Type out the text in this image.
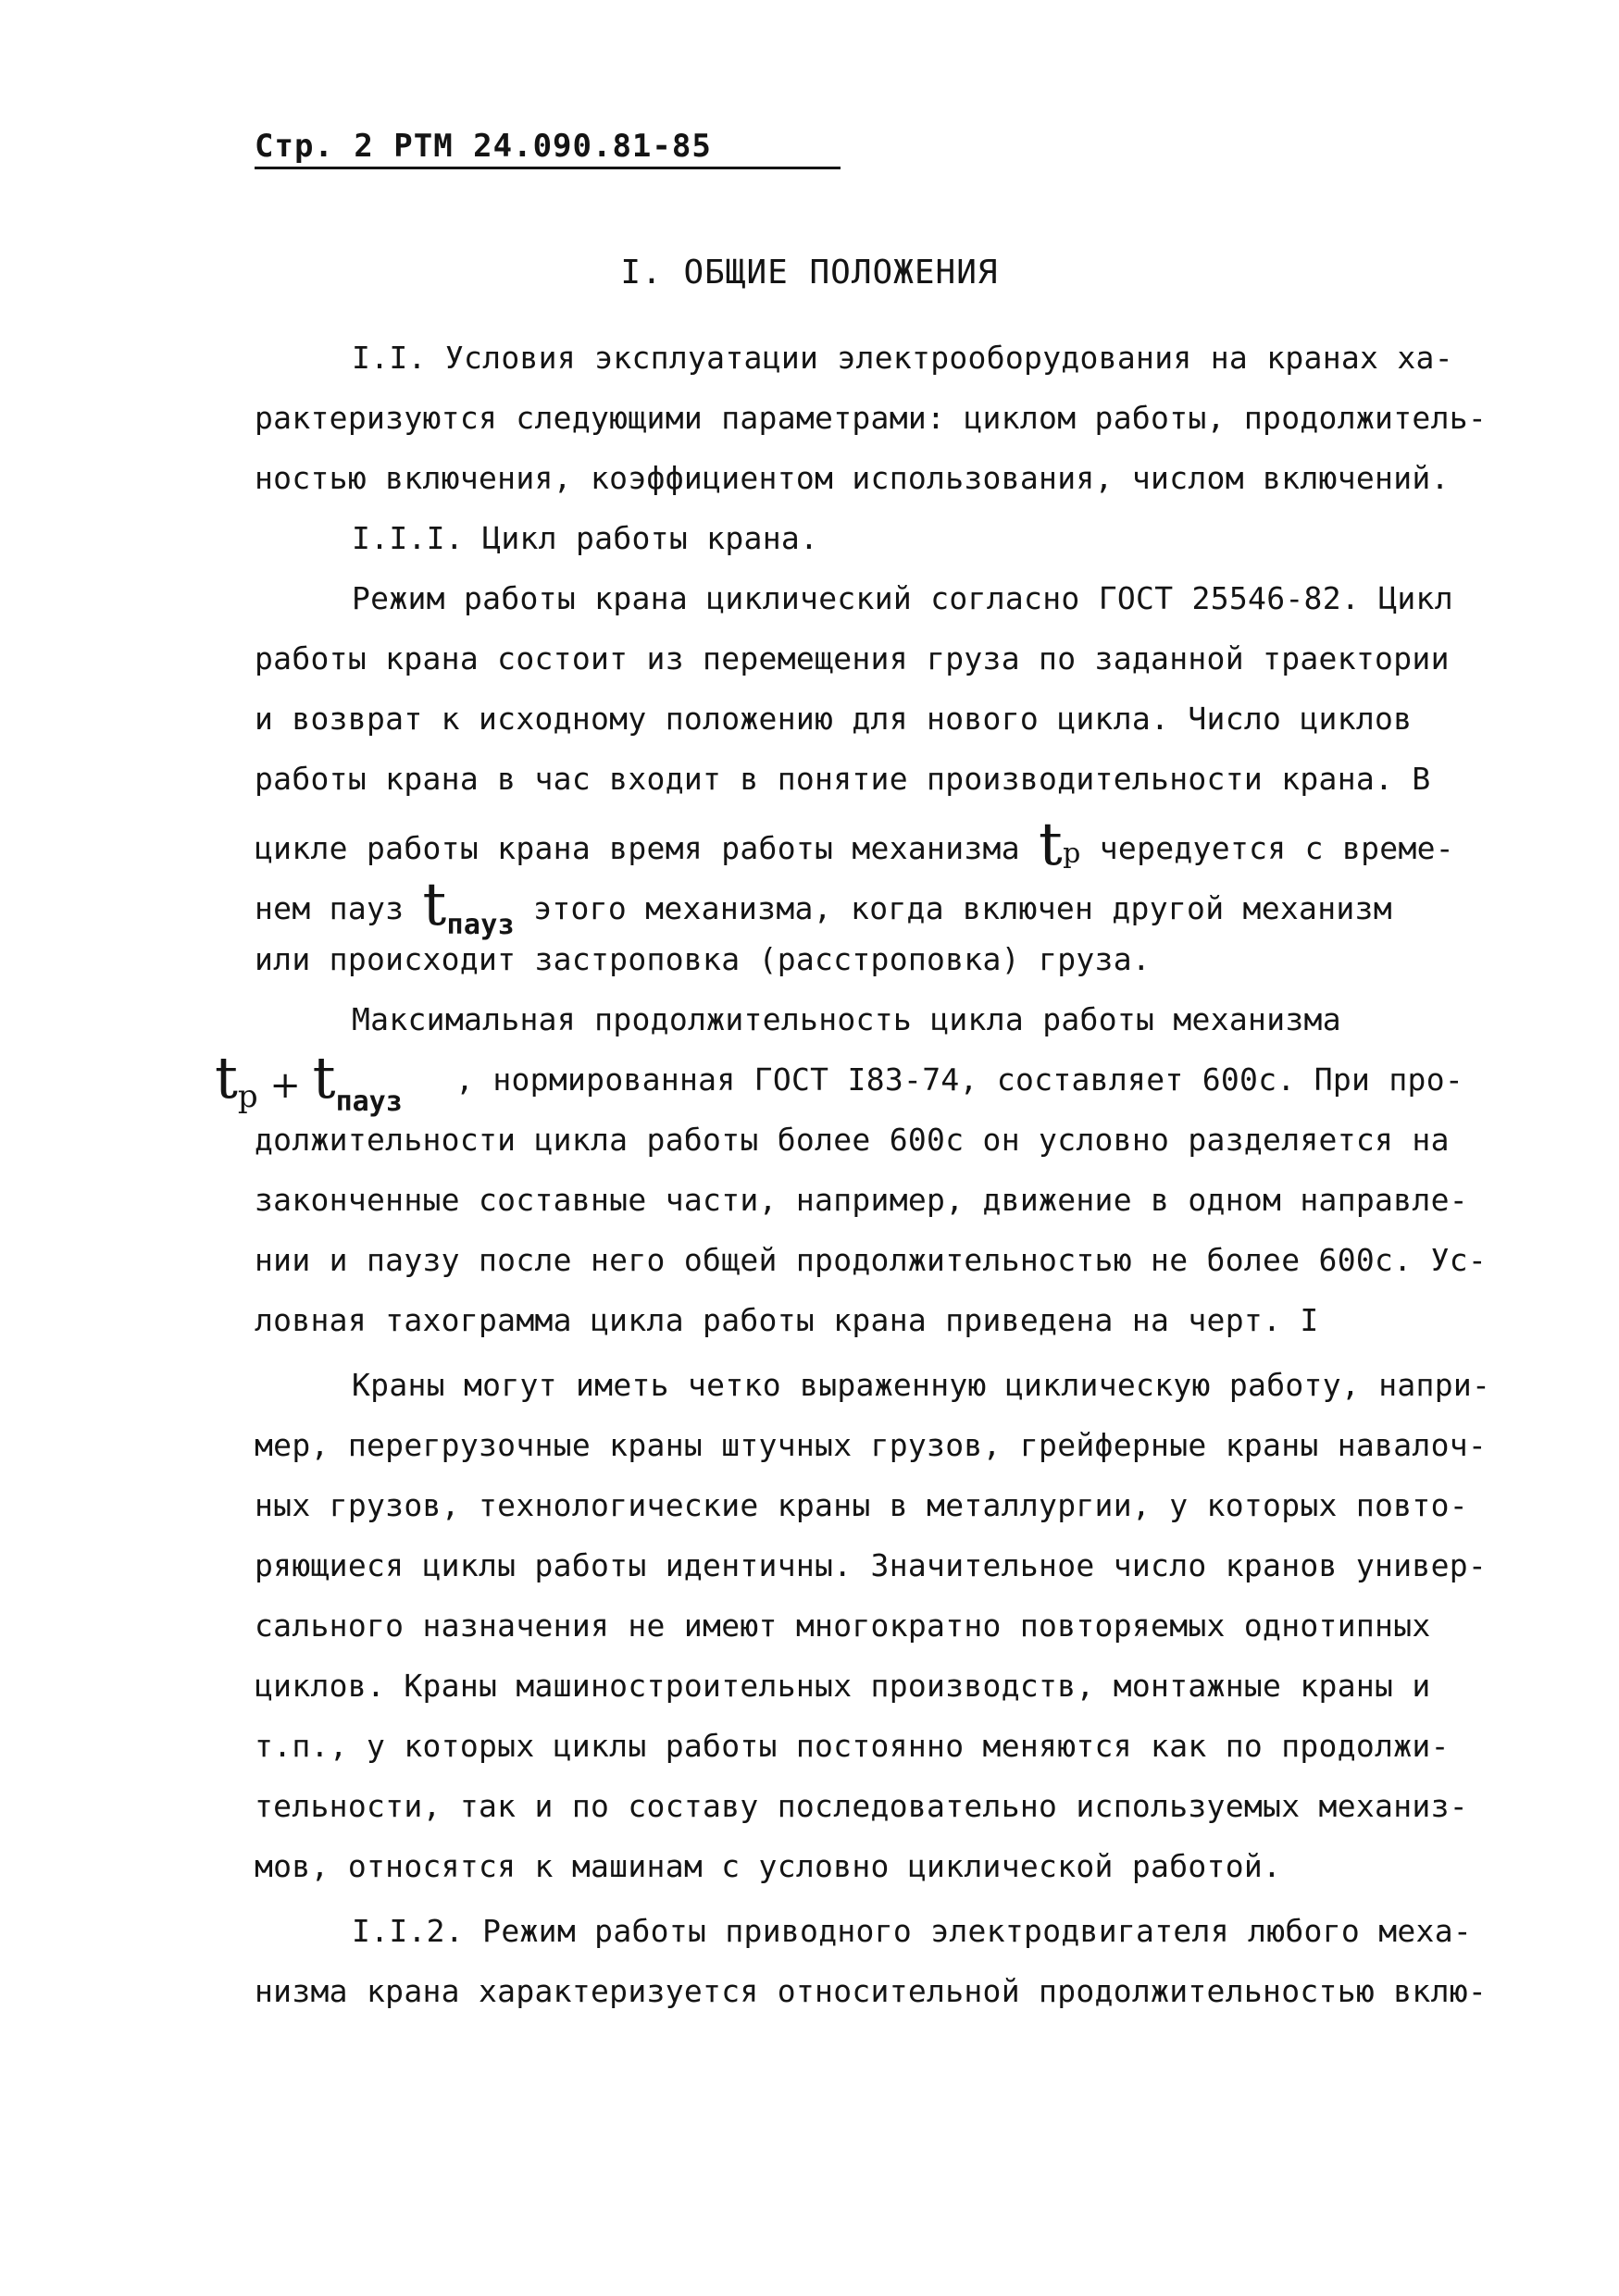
Стр. 2 РТМ 24.090.81-85
I. ОБЩИЕ ПОЛОЖЕНИЯ
I.I. Условия эксплуатации электрооборудования на кранах ха-
рактеризуются следующими параметрами: циклом работы, продолжитель-
ностью включения, коэффициентом использования, числом включений.
I.I.I. Цикл работы крана.
Режим работы крана циклический согласно ГОСТ 25546-82. Цикл
работы крана состоит из перемещения груза по заданной траектории
и возврат к исходному положению для нового цикла. Число циклов
работы крана в час входит в понятие производительности крана. В
цикле работы крана время работы механизма tр чередуется с време-
нем пауз tпауз этого механизма, когда включен другой механизм
или происходит застроповка (расстроповка) груза.
Максимальная продолжительность цикла работы механизма
$t_р + t_{пауз}$
, нормированная ГОСТ I83-74, составляет 600с. При про-
должительности цикла работы более 600с он условно разделяется на
законченные составные части, например, движение в одном направле-
нии и паузу после него общей продолжительностью не более 600с. Ус-
ловная тахограмма цикла работы крана приведена на черт. I
Краны могут иметь четко выраженную циклическую работу, напри-
мер, перегрузочные краны штучных грузов, грейферные краны навалоч-
ных грузов, технологические краны в металлургии, у которых повто-
ряющиеся циклы работы идентичны. Значительное число кранов универ-
сального назначения не имеют многократно повторяемых однотипных
циклов. Краны машиностроительных производств, монтажные краны и
т.п., у которых циклы работы постоянно меняются как по продолжи-
тельности, так и по составу последовательно используемых механиз-
мов, относятся к машинам с условно циклической работой.
I.I.2. Режим работы приводного электродвигателя любого меха-
низма крана характеризуется относительной продолжительностью вклю-
